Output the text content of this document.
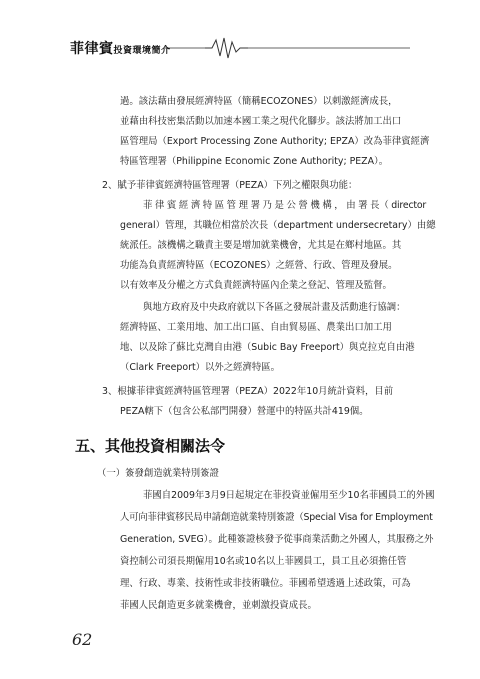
菲律賓投資環境簡介
過。該法藉由發展經濟特區（簡稱ECOZONES）以刺激經濟成長，
並藉由科技密集活動以加速本國工業之現代化腳步。該法將加工出口
區管理局（Export Processing Zone Authority; EPZA）改為菲律賓經濟
特區管理署（Philippine Economic Zone Authority; PEZA）。
2、賦予菲律賓經濟特區管理署（PEZA）下列之權限與功能：
菲 律 賓 經 濟 特 區 管 理 署 乃 是 公 營 機 構 ， 由 署 長（ director
general）管理，其職位相當於次長（department undersecretary）由總
統派任。該機構之職責主要是增加就業機會，尤其是在鄉村地區。其
功能為負責經濟特區（ECOZONES）之經營、行政、管理及發展。
以有效率及分權之方式負責經濟特區內企業之登記、管理及監督。
與地方政府及中央政府就以下各區之發展計畫及活動進行協調：
經濟特區、工業用地、加工出口區、自由貿易區、農業出口加工用
地、以及除了蘇比克灣自由港（Subic Bay Freeport）與克拉克自由港
（Clark Freeport）以外之經濟特區。
3、根據菲律賓經濟特區管理署（PEZA）2022年10月統計資料，目前
PEZA轄下（包含公私部門開發）營運中的特區共計419個。
五、其他投資相關法令
（一）簽發創造就業特別簽證
菲國自2009年3月9日起規定在菲投資並僱用至少10名菲國員工的外國
人可向菲律賓移民局申請創造就業特別簽證（Special Visa for Employment
Generation, SVEG）。此種簽證核發予從事商業活動之外國人，其服務之外
資控制公司須長期僱用10名或10名以上菲國員工，員工且必須擔任管
理、行政、專業、技術性或非技術職位。菲國希望透過上述政策，可為
菲國人民創造更多就業機會，並刺激投資成長。
62
